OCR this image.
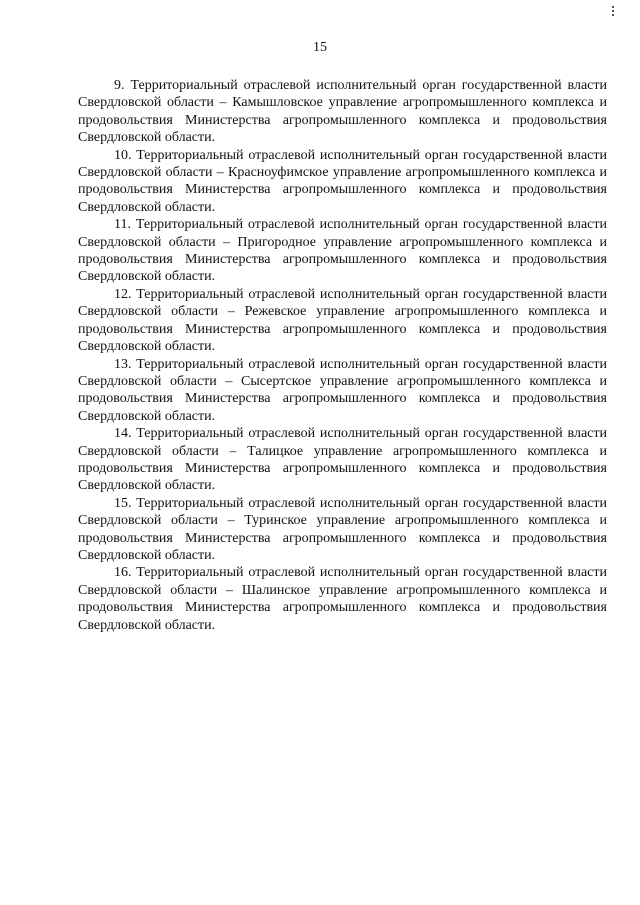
15

9. Территориальный отраслевой исполнительный орган государственной власти Свердловской области – Камышловское управление агропромышленного комплекса и продовольствия Министерства агропромышленного комплекса и продовольствия Свердловской области.

10. Территориальный отраслевой исполнительный орган государственной власти Свердловской области – Красноуфимское управление агропромышленного комплекса и продовольствия Министерства агропромышленного комплекса и продовольствия Свердловской области.

11. Территориальный отраслевой исполнительный орган государственной власти Свердловской области – Пригородное управление агропромышленного комплекса и продовольствия Министерства агропромышленного комплекса и продовольствия Свердловской области.

12. Территориальный отраслевой исполнительный орган государственной власти Свердловской области – Режевское управление агропромышленного комплекса и продовольствия Министерства агропромышленного комплекса и продовольствия Свердловской области.

13. Территориальный отраслевой исполнительный орган государственной власти Свердловской области – Сысертское управление агропромышленного комплекса и продовольствия Министерства агропромышленного комплекса и продовольствия Свердловской области.

14. Территориальный отраслевой исполнительный орган государственной власти Свердловской области – Талицкое управление агропромышленного комплекса и продовольствия Министерства агропромышленного комплекса и продовольствия Свердловской области.

15. Территориальный отраслевой исполнительный орган государственной власти Свердловской области – Туринское управление агропромышленного комплекса и продовольствия Министерства агропромышленного комплекса и продовольствия Свердловской области.

16. Территориальный отраслевой исполнительный орган государственной власти Свердловской области – Шалинское управление агропромышленного комплекса и продовольствия Министерства агропромышленного комплекса и продовольствия Свердловской области.
